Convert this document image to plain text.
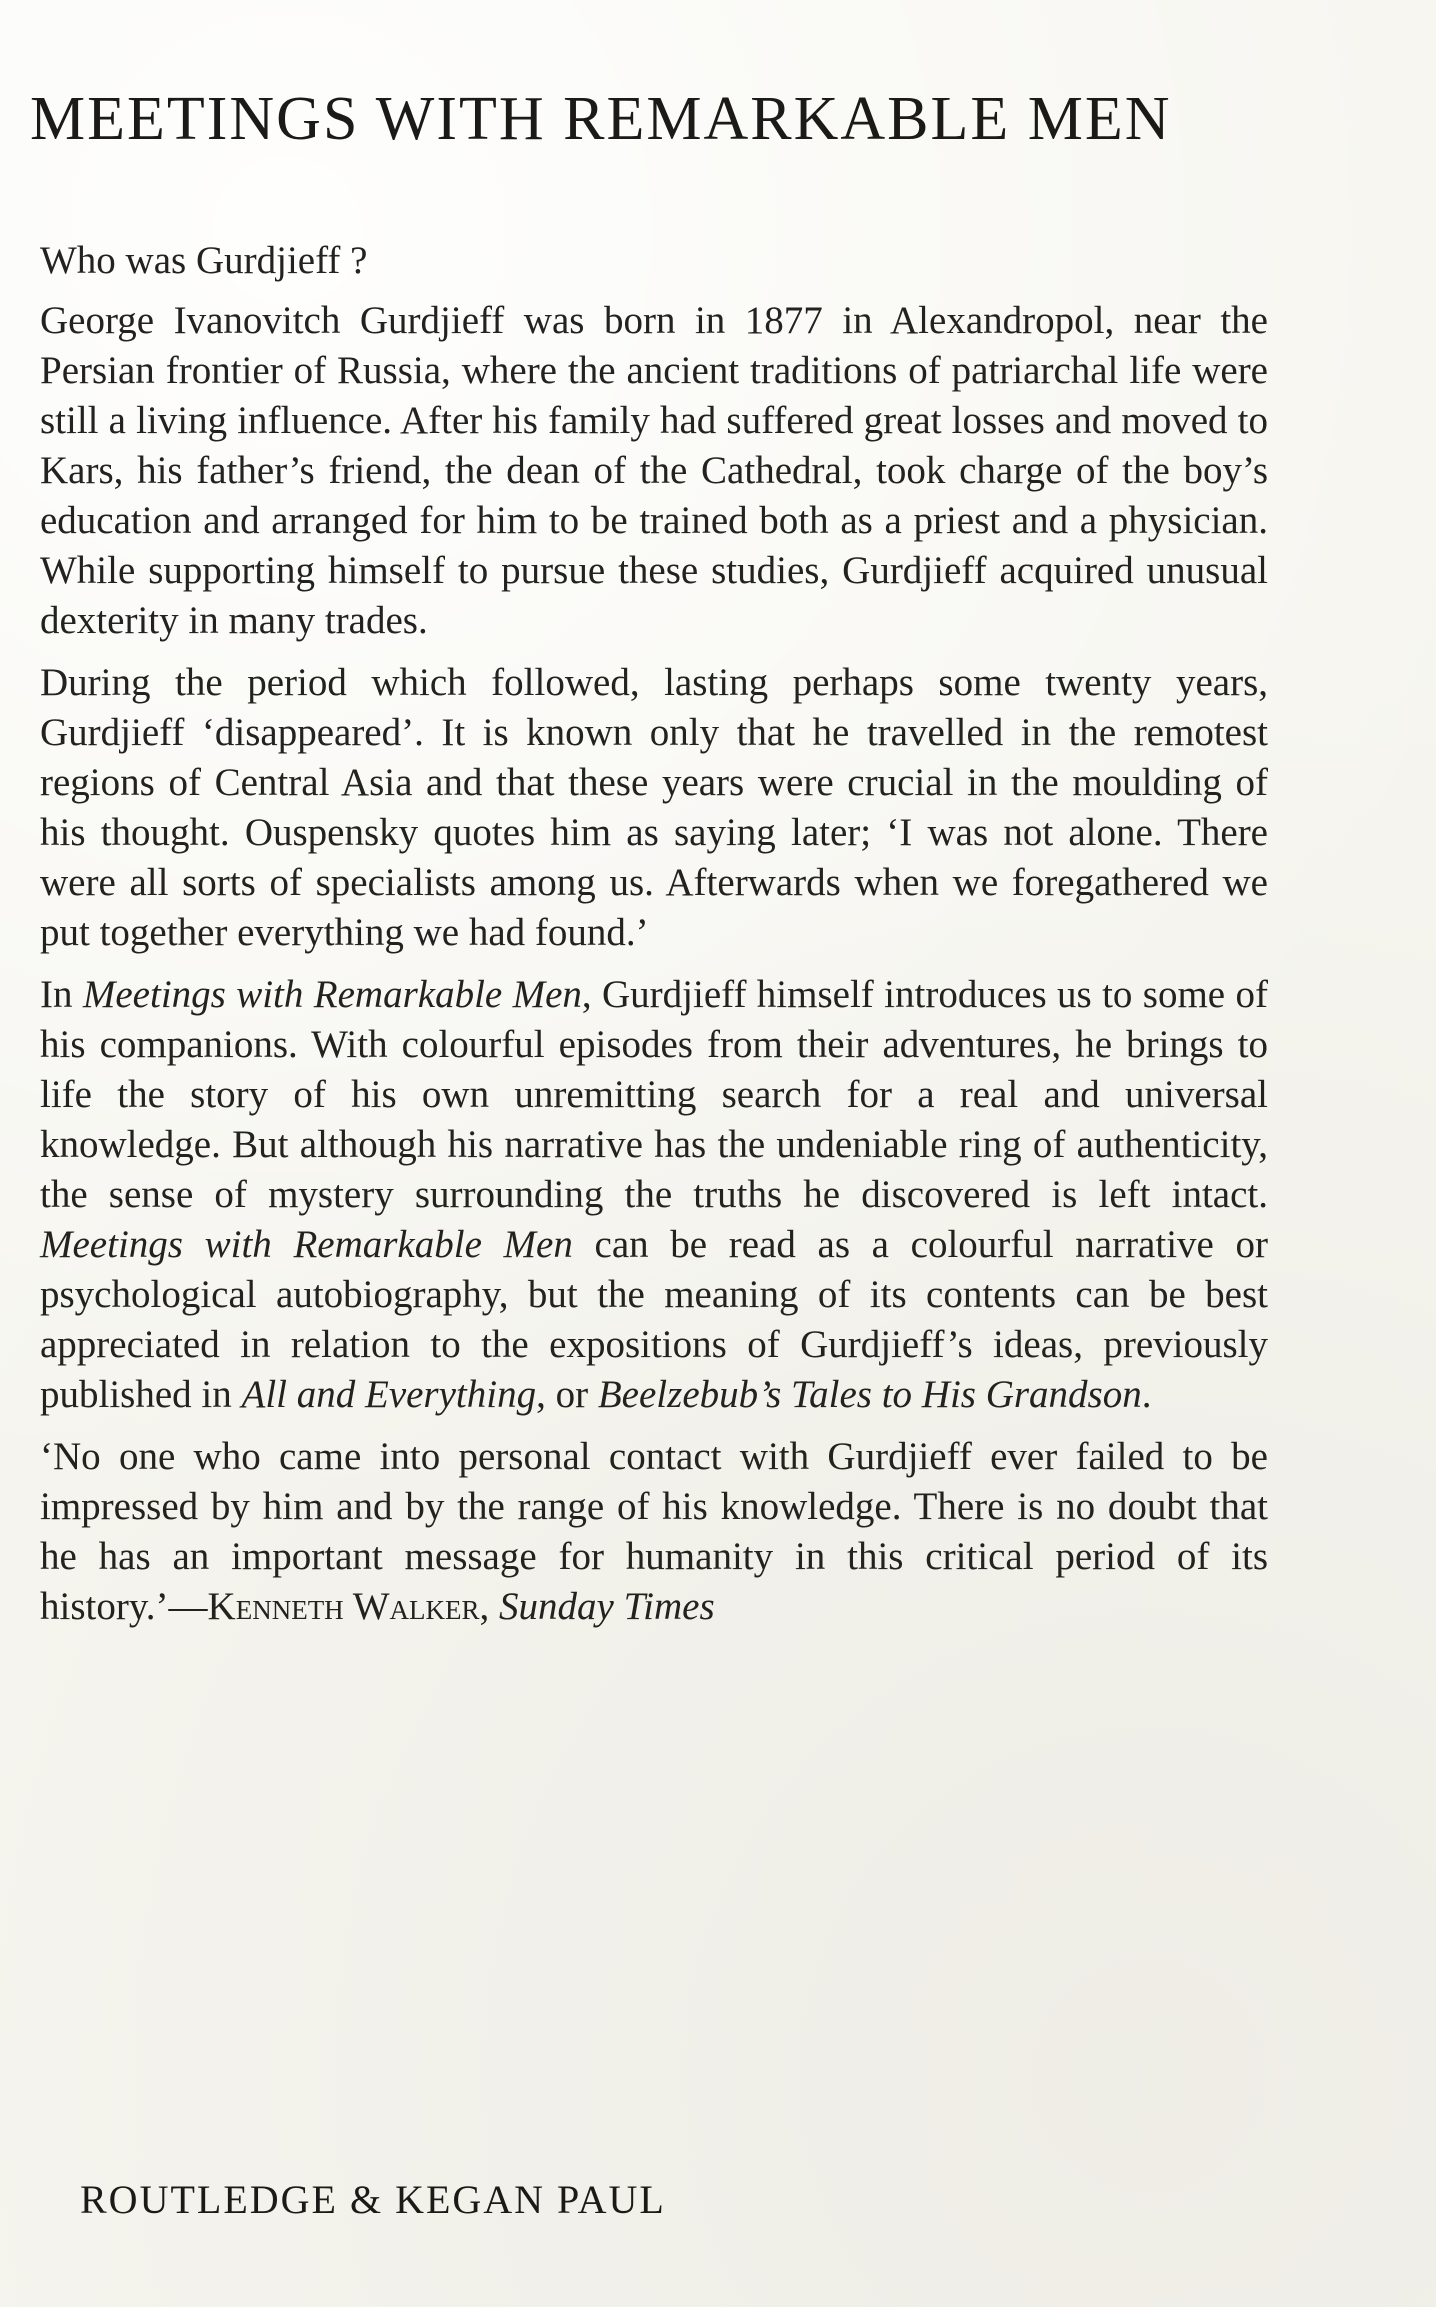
MEETINGS WITH REMARKABLE MEN

Who was Gurdjieff ?

George Ivanovitch Gurdjieff was born in 1877 in Alexandropol, near the Persian frontier of Russia, where the ancient traditions of patriarchal life were still a living influence. After his family had suffered great losses and moved to Kars, his father’s friend, the dean of the Cathedral, took charge of the boy’s education and arranged for him to be trained both as a priest and a physician. While supporting himself to pursue these studies, Gurdjieff acquired unusual dexterity in many trades.

During the period which followed, lasting perhaps some twenty years, Gurdjieff ‘disappeared’. It is known only that he travelled in the remotest regions of Central Asia and that these years were crucial in the moulding of his thought. Ouspensky quotes him as saying later; ‘I was not alone. There were all sorts of specialists among us. Afterwards when we foregathered we put together everything we had found.’

In Meetings with Remarkable Men, Gurdjieff himself introduces us to some of his companions. With colourful episodes from their adventures, he brings to life the story of his own unremitting search for a real and universal knowledge. But although his narrative has the undeniable ring of authenticity, the sense of mystery surrounding the truths he discovered is left intact. Meetings with Remarkable Men can be read as a colourful narrative or psychological autobiography, but the meaning of its contents can be best appreciated in relation to the expositions of Gurdjieff’s ideas, previously published in All and Everything, or Beelzebub’s Tales to His Grandson.

‘No one who came into personal contact with Gurdjieff ever failed to be impressed by him and by the range of his knowledge. There is no doubt that he has an important message for humanity in this critical period of its history.’—Kenneth Walker, Sunday Times

ROUTLEDGE & KEGAN PAUL
